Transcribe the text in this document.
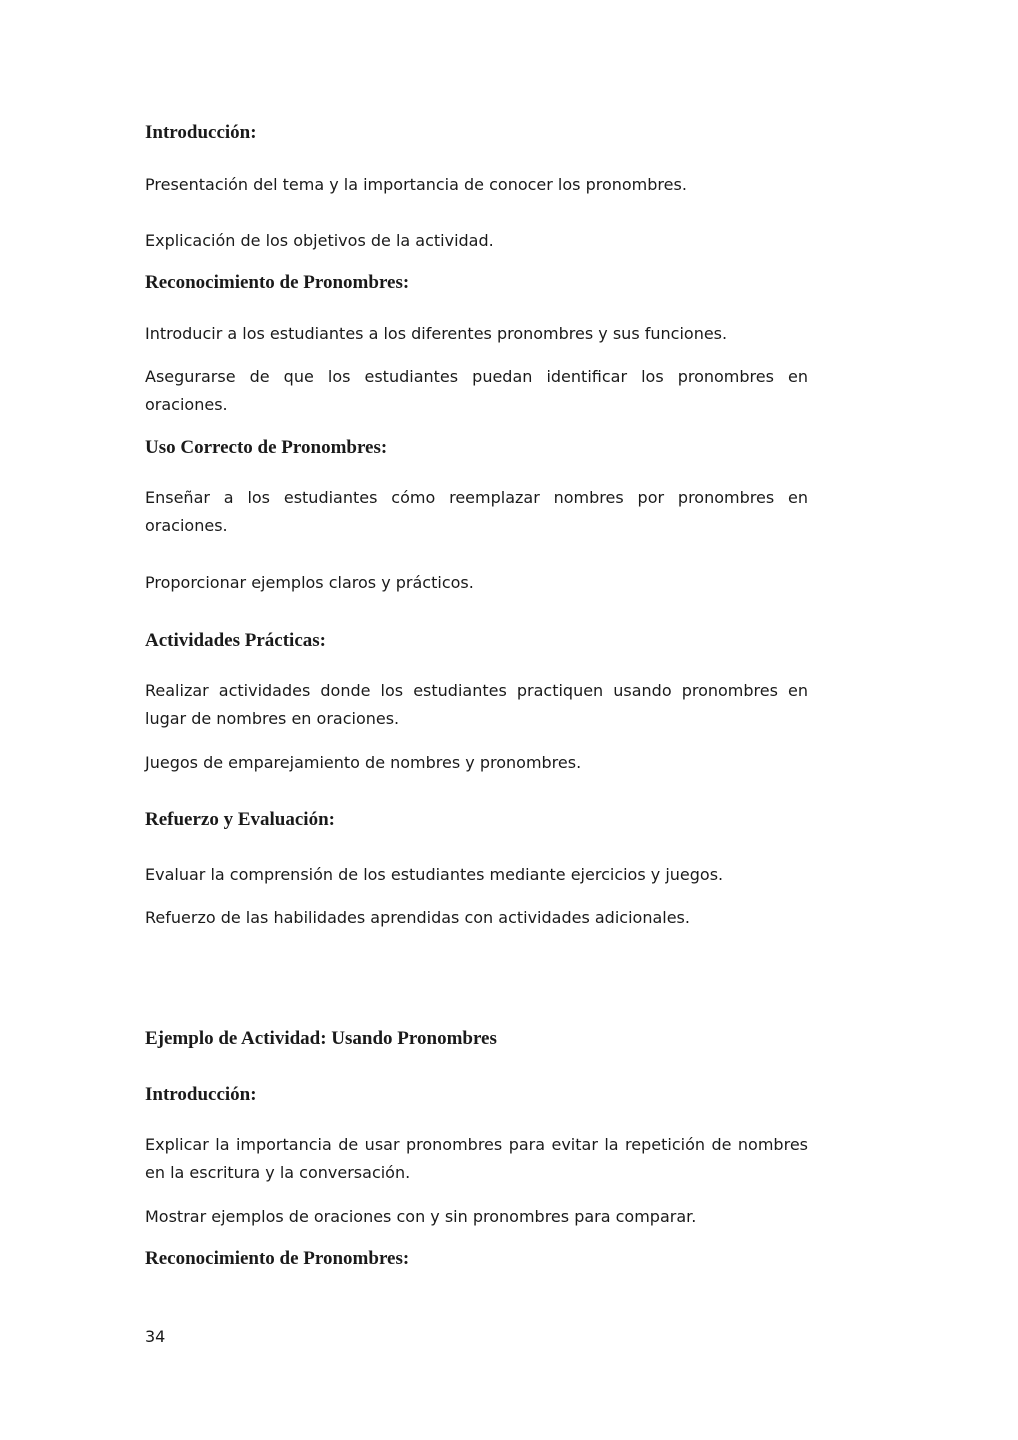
Introducción:
Presentación del tema y la importancia de conocer los pronombres.
Explicación de los objetivos de la actividad.
Reconocimiento de Pronombres:
Introducir a los estudiantes a los diferentes pronombres y sus funciones.
Asegurarse de que los estudiantes puedan identificar los pronombres en oraciones.
Uso Correcto de Pronombres:
Enseñar a los estudiantes cómo reemplazar nombres por pronombres en oraciones.
Proporcionar ejemplos claros y prácticos.
Actividades Prácticas:
Realizar actividades donde los estudiantes practiquen usando pronombres en lugar de nombres en oraciones.
Juegos de emparejamiento de nombres y pronombres.
Refuerzo y Evaluación:
Evaluar la comprensión de los estudiantes mediante ejercicios y juegos.
Refuerzo de las habilidades aprendidas con actividades adicionales.
Ejemplo de Actividad: Usando Pronombres
Introducción:
Explicar la importancia de usar pronombres para evitar la repetición de nombres en la escritura y la conversación.
Mostrar ejemplos de oraciones con y sin pronombres para comparar.
Reconocimiento de Pronombres:
34
